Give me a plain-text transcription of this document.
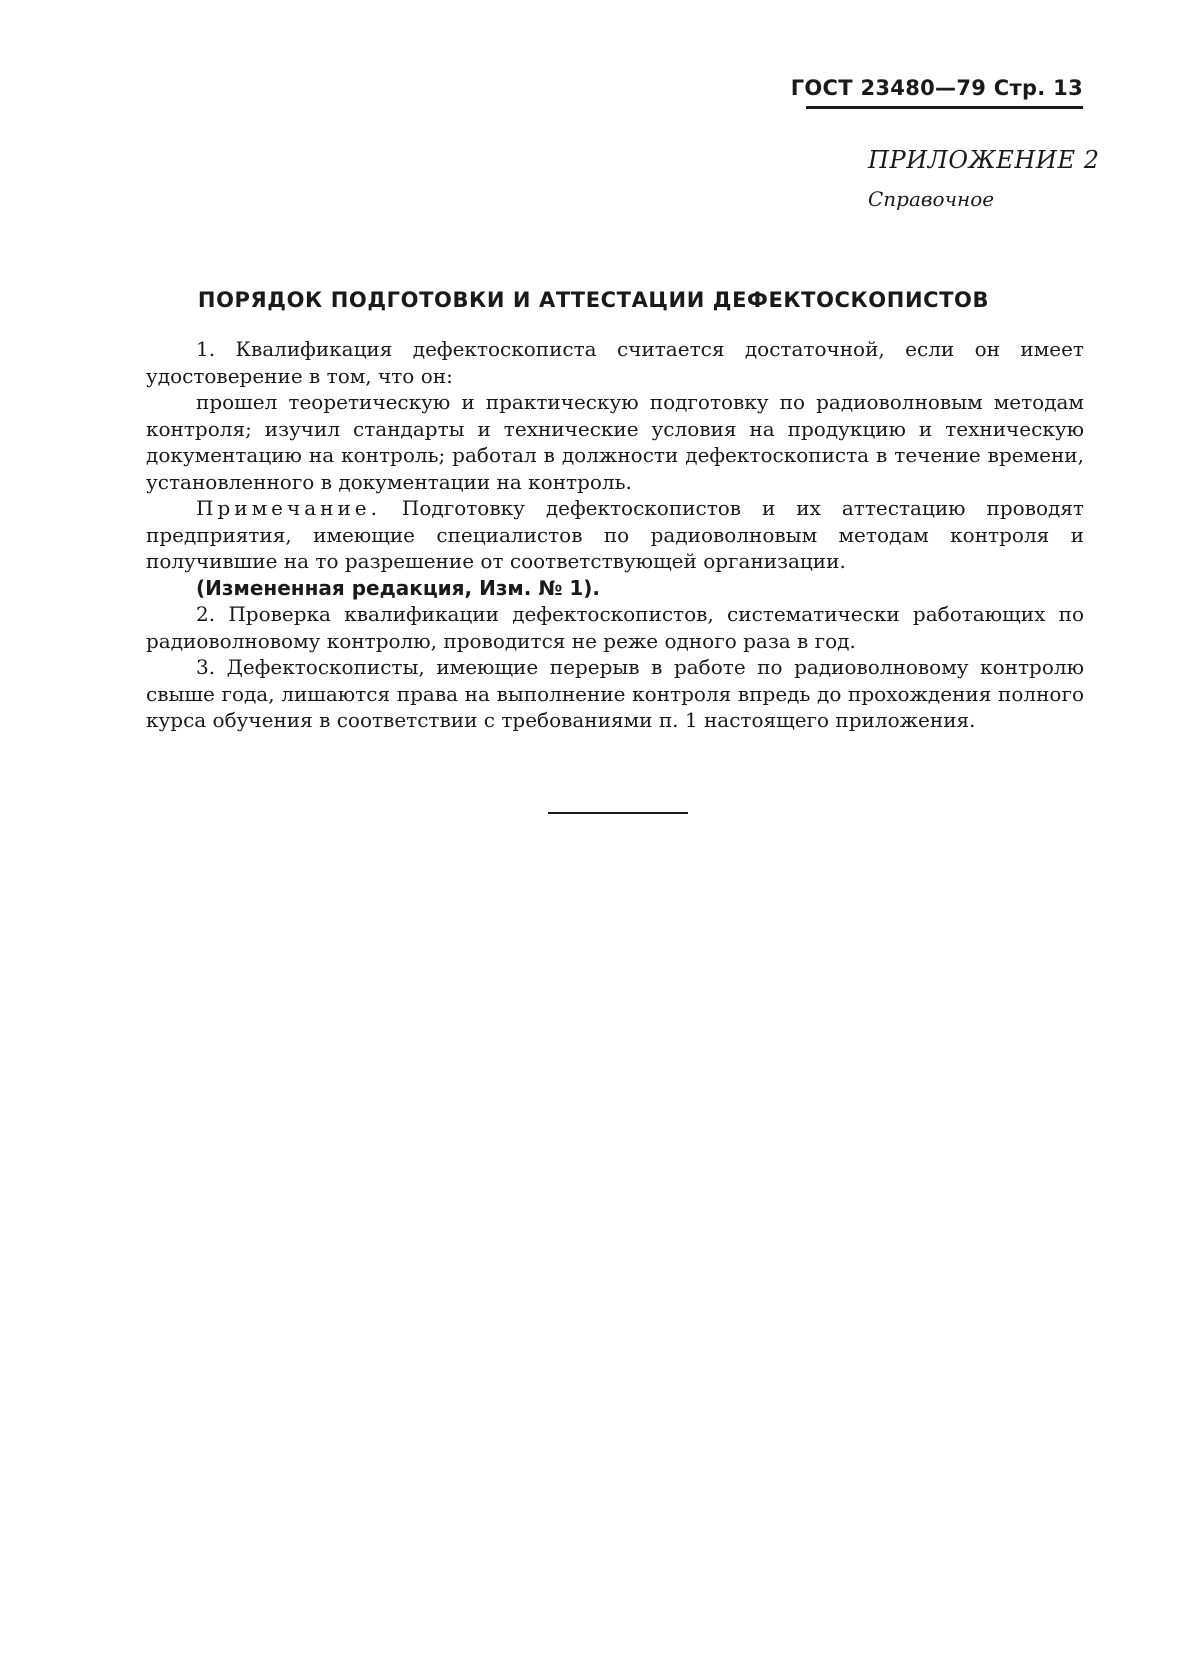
ГОСТ 23480—79 Стр. 13
ПРИЛОЖЕНИЕ 2
Справочное
ПОРЯДОК ПОДГОТОВКИ И АТТЕСТАЦИИ ДЕФЕКТОСКОПИСТОВ

1. Квалификация дефектоскописта считается достаточной, если он имеет удостоверение в том, что он:

прошел теоретическую и практическую подготовку по радиоволновым методам контроля; изучил стандарты и технические условия на продукцию и техническую документацию на контроль; работал в должности дефектоскописта в течение времени, установленного в документации на контроль.

Примечание. Подготовку дефектоскопистов и их аттестацию проводят предприятия, имеющие специалистов по радиоволновым методам контроля и получившие на то разрешение от соответствующей организации.

(Измененная редакция, Изм. № 1).

2. Проверка квалификации дефектоскопистов, систематически работающих по радиоволновому контролю, проводится не реже одного раза в год.

3. Дефектоскописты, имеющие перерыв в работе по радиоволновому контролю свыше года, лишаются права на выполнение контроля впредь до прохождения полного курса обучения в соответствии с требованиями п. 1 настоящего приложения.
